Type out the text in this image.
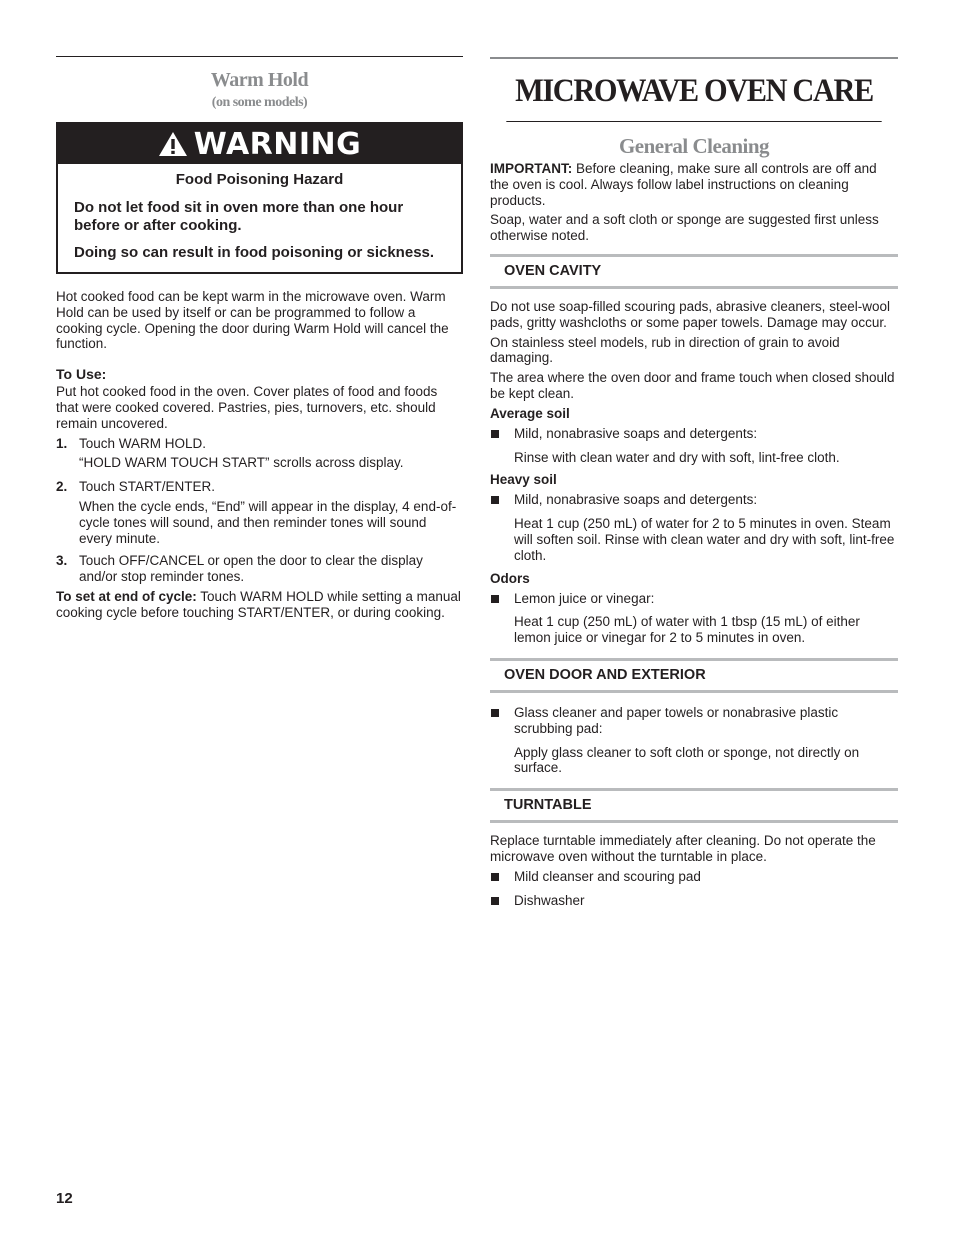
Warm Hold
(on some models)
WARNING
Food Poisoning Hazard

Do not let food sit in oven more than one hour before or after cooking.

Doing so can result in food poisoning or sickness.

Hot cooked food can be kept warm in the microwave oven. Warm Hold can be used by itself or can be programmed to follow a cooking cycle. Opening the door during Warm Hold will cancel the function.

To Use:

Put hot cooked food in the oven. Cover plates of food and foods that were cooked covered. Pastries, pies, turnovers, etc. should remain uncovered.

1. Touch WARM HOLD.
“HOLD WARM TOUCH START” scrolls across display.
2. Touch START/ENTER.
When the cycle ends, “End” will appear in the display, 4 end-of-cycle tones will sound, and then reminder tones will sound every minute.
3. Touch OFF/CANCEL or open the door to clear the display and/or stop reminder tones.

To set at end of cycle: Touch WARM HOLD while setting a manual cooking cycle before touching START/ENTER, or during cooking.

MICROWAVE OVEN CARE
General Cleaning

IMPORTANT: Before cleaning, make sure all controls are off and the oven is cool. Always follow label instructions on cleaning products.

Soap, water and a soft cloth or sponge are suggested first unless otherwise noted.

OVEN CAVITY

Do not use soap-filled scouring pads, abrasive cleaners, steel-wool pads, gritty washcloths or some paper towels. Damage may occur.

On stainless steel models, rub in direction of grain to avoid damaging.

The area where the oven door and frame touch when closed should be kept clean.

Average soil
Mild, nonabrasive soaps and detergents:
Rinse with clean water and dry with soft, lint-free cloth.
Heavy soil
Mild, nonabrasive soaps and detergents:
Heat 1 cup (250 mL) of water for 2 to 5 minutes in oven. Steam will soften soil. Rinse with clean water and dry with soft, lint-free cloth.
Odors
Lemon juice or vinegar:
Heat 1 cup (250 mL) of water with 1 tbsp (15 mL) of either lemon juice or vinegar for 2 to 5 minutes in oven.
OVEN DOOR AND EXTERIOR
Glass cleaner and paper towels or nonabrasive plastic scrubbing pad:
Apply glass cleaner to soft cloth or sponge, not directly on surface.
TURNTABLE

Replace turntable immediately after cleaning. Do not operate the microwave oven without the turntable in place.

Mild cleanser and scouring pad
Dishwasher
12
